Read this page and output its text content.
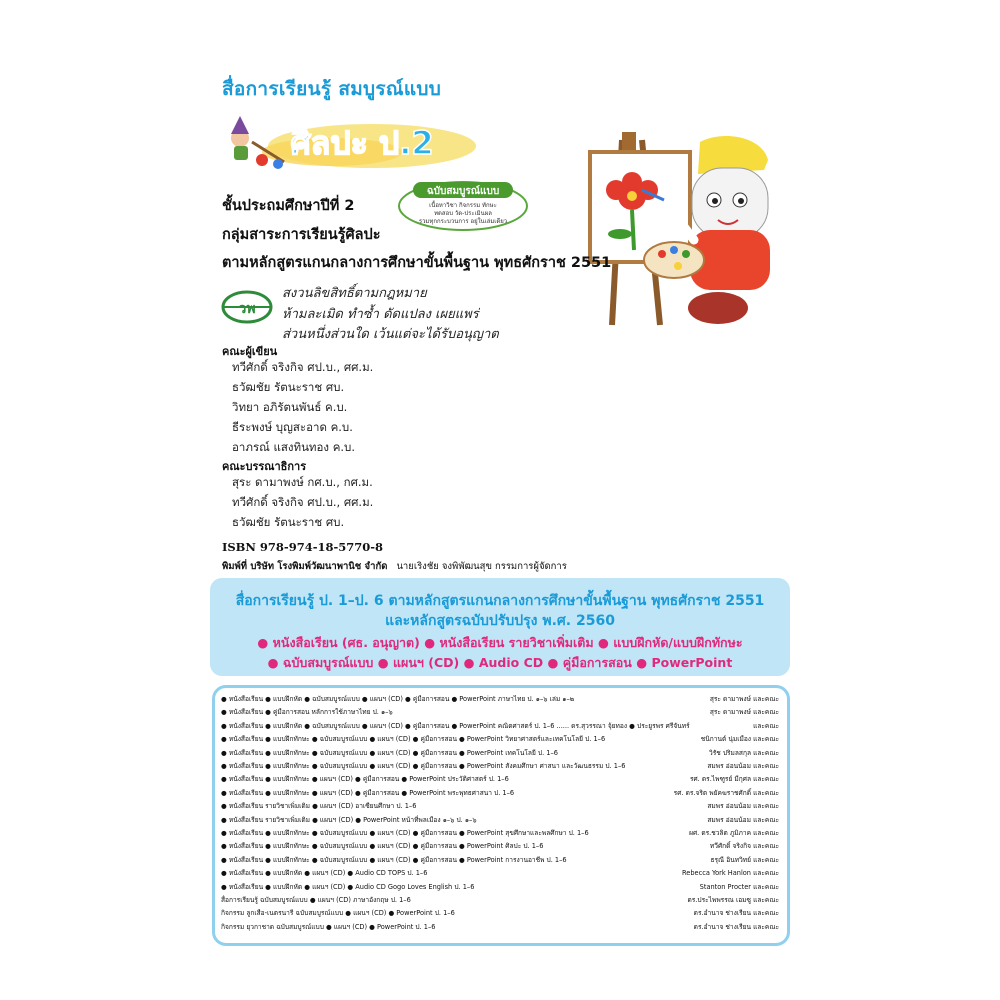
สื่อการเรียนรู้ สมบูรณ์แบบ
ศิลปะ ป.2
ฉบับสมบูรณ์แบบ
เนื้อหาวิชา กิจกรรม ทักษะ
ทดสอบ วัด-ประเมินผล
รวมทุกกระบวนการ อยู่ในเล่มเดียว
ชั้นประถมศึกษาปีที่ 2
กลุ่มสาระการเรียนรู้ศิลปะ
ตามหลักสูตรแกนกลางการศึกษาขั้นพื้นฐาน พุทธศักราช 2551
วพ
สงวนลิขสิทธิ์ตามกฎหมาย
ห้ามละเมิด ทำซ้ำ ดัดแปลง เผยแพร่
ส่วนหนึ่งส่วนใด เว้นแต่จะได้รับอนุญาต
คณะผู้เขียน
ทวีศักดิ์ จริงกิจ ศป.บ., ศศ.ม.
ธวัฒชัย รัตนะราช ศบ.
วิทยา อภิรัตนพันธ์ ค.บ.
ธีระพงษ์ บุญสะอาด ค.บ.
อาภรณ์ แสงทินทอง ค.บ.
คณะบรรณาธิการ
สุระ ดามาพงษ์ กศ.บ., กศ.ม.
ทวีศักดิ์ จริงกิจ ศป.บ., ศศ.ม.
ธวัฒชัย รัตนะราช ศบ.
ISBN 978-974-18-5770-8
พิมพ์ที่ บริษัท โรงพิมพ์วัฒนาพานิช จำกัด นายเริงชัย จงพิพัฒนสุข กรรมการผู้จัดการ
สื่อการเรียนรู้ ป. 1–ป. 6 ตามหลักสูตรแกนกลางการศึกษาขั้นพื้นฐาน พุทธศักราช 2551
และหลักสูตรฉบับปรับปรุง พ.ศ. 2560
● หนังสือเรียน (ศธ. อนุญาต) ● หนังสือเรียน รายวิชาเพิ่มเติม ● แบบฝึกหัด/แบบฝึกทักษะ
● ฉบับสมบูรณ์แบบ ● แผนฯ (CD) ● Audio CD ● คู่มือการสอน ● PowerPoint
● หนังสือเรียน ● แบบฝึกหัด ● ฉบับสมบูรณ์แบบ ● แผนฯ (CD) ● คู่มือการสอน ● PowerPoint ภาษาไทย ป. ๑–๖ เล่ม ๑–๒	สุระ ดามาพงษ์ และคณะ
● หนังสือเรียน ● คู่มือการสอน หลักการใช้ภาษาไทย ป. ๑–๖	สุระ ดามาพงษ์ และคณะ
● หนังสือเรียน ● แบบฝึกหัด ● ฉบับสมบูรณ์แบบ ● แผนฯ (CD) ● คู่มือการสอน ● PowerPoint คณิตศาสตร์ ป. 1–6 ...... ดร.สุวรรณา จุ้ยทอง ● ประยูรพร ศรีจันทร์	และคณะ
● หนังสือเรียน ● แบบฝึกทักษะ ● ฉบับสมบูรณ์แบบ ● แผนฯ (CD) ● คู่มือการสอน ● PowerPoint วิทยาศาสตร์และเทคโนโลยี ป. 1–6	ชนิกานต์ นุ่มเมือง และคณะ
● หนังสือเรียน ● แบบฝึกทักษะ ● ฉบับสมบูรณ์แบบ ● แผนฯ (CD) ● คู่มือการสอน ● PowerPoint เทคโนโลยี ป. 1–6	วิรัช ปริมลสกุล และคณะ
● หนังสือเรียน ● แบบฝึกทักษะ ● ฉบับสมบูรณ์แบบ ● แผนฯ (CD) ● คู่มือการสอน ● PowerPoint สังคมศึกษา ศาสนา และวัฒนธรรม ป. 1–6	สมพร อ่อนน้อม และคณะ
● หนังสือเรียน ● แบบฝึกทักษะ ● แผนฯ (CD) ● คู่มือการสอน ● PowerPoint ประวัติศาสตร์ ป. 1–6	รศ. ดร.ไพฑูรย์ มีกุศล และคณะ
● หนังสือเรียน ● แบบฝึกทักษะ ● แผนฯ (CD) ● คู่มือการสอน ● PowerPoint พระพุทธศาสนา ป. 1–6	รศ. ดร.จริต พยัคฆราชศักดิ์ และคณะ
● หนังสือเรียน รายวิชาเพิ่มเติม ● แผนฯ (CD) อาเซียนศึกษา ป. 1–6	สมพร อ่อนน้อม และคณะ
● หนังสือเรียน รายวิชาเพิ่มเติม ● แผนฯ (CD) ● PowerPoint หน้าที่พลเมือง ๑–๖ ป. ๑–๖	สมพร อ่อนน้อม และคณะ
● หนังสือเรียน ● แบบฝึกทักษะ ● ฉบับสมบูรณ์แบบ ● แผนฯ (CD) ● คู่มือการสอน ● PowerPoint สุขศึกษาและพลศึกษา ป. 1–6	ผศ. ดร.ชวลิต ภูมิภาค และคณะ
● หนังสือเรียน ● แบบฝึกทักษะ ● ฉบับสมบูรณ์แบบ ● แผนฯ (CD) ● คู่มือการสอน ● PowerPoint ศิลปะ ป. 1–6	ทวีศักดิ์ จริงกิจ และคณะ
● หนังสือเรียน ● แบบฝึกทักษะ ● ฉบับสมบูรณ์แบบ ● แผนฯ (CD) ● คู่มือการสอน ● PowerPoint การงานอาชีพ ป. 1–6	ธรุณี อินทวิทย์ และคณะ
● หนังสือเรียน ● แบบฝึกหัด ● แผนฯ (CD) ● Audio CD TOPS ป. 1–6	Rebecca York Hanlon และคณะ
● หนังสือเรียน ● แบบฝึกหัด ● แผนฯ (CD) ● Audio CD Gogo Loves English ป. 1–6	Stanton Procter และคณะ
สื่อการเรียนรู้ ฉบับสมบูรณ์แบบ ● แผนฯ (CD) ภาษาอังกฤษ ป. 1–6	ดร.ประไพพรรณ เอมซู และคณะ
กิจกรรม ลูกเสือ-เนตรนารี ฉบับสมบูรณ์แบบ ● แผนฯ (CD) ● PowerPoint ป. 1–6	ดร.อำนาจ ช่างเรียน และคณะ
กิจกรรม ยุวกาชาด ฉบับสมบูรณ์แบบ ● แผนฯ (CD) ● PowerPoint ป. 1–6	ดร.อำนาจ ช่างเรียน และคณะ
